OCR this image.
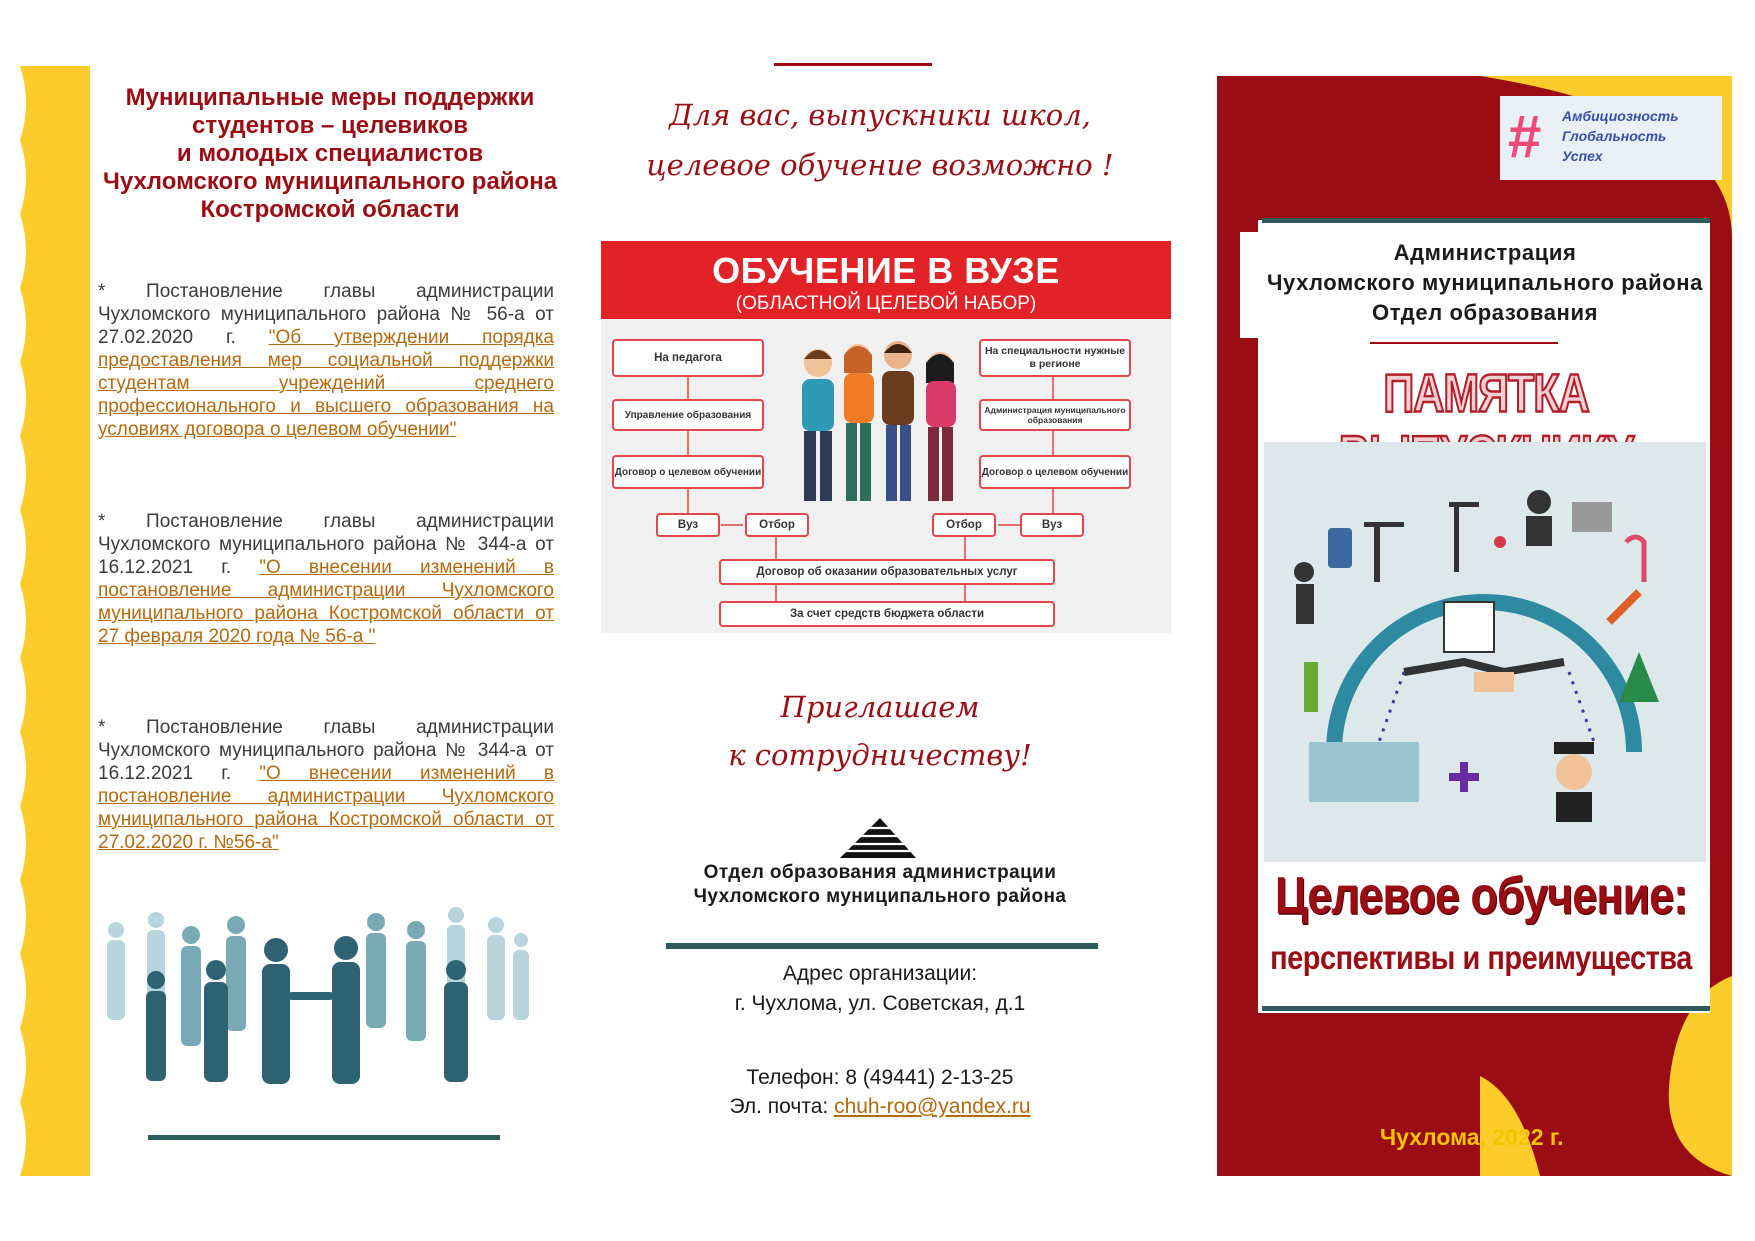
Муниципальные меры поддержки
студентов – целевиков
и молодых специалистов
Чухломского муниципального района
Костромской области
* Постановление главы администрации Чухломского муниципального района № 56-а от 27.02.2020 г. "Об утверждении порядка предоставления мер социальной поддержки студентам учреждений среднего профессионального и высшего образования на условиях договора о целевом обучении"
* Постановление главы администрации Чухломского муниципального района № 344-а от 16.12.2021 г. "О внесении изменений в постановление администрации Чухломского муниципального района Костромской области от 27 февраля 2020 года № 56-а "
* Постановление главы администрации Чухломского муниципального района № 344-а от 16.12.2021 г. "О внесении изменений в постановление администрации Чухломского муниципального района Костромской области от 27.02.2020 г. №56-а"
Для вас, выпускники школ,
целевое обучение возможно !
ОБУЧЕНИЕ В ВУЗЕ
(ОБЛАСТНОЙ ЦЕЛЕВОЙ НАБОР)
На педагога
Управление образования
Договор о целевом обучении
Вуз	Отбор
На специальности нужные в регионе
Администрация муниципального образования
Договор о целевом обучении
Отбор	Вуз
Договор об оказании образовательных услуг
За счет средств бюджета области
Приглашаем
к сотрудничеству!
Отдел образования администрации
Чухломского муниципального района
Адрес организации:
г. Чухлома, ул. Советская, д.1
Телефон: 8 (49441) 2-13-25
Эл. почта: chuh-roo@yandex.ru
# Амбициозность
Глобальность
Успех
Администрация
Чухломского муниципального района
Отдел образования
ПАМЯТКА
Целевое обучение:
перспективы и преимущества
Чухлома, 2022 г.
